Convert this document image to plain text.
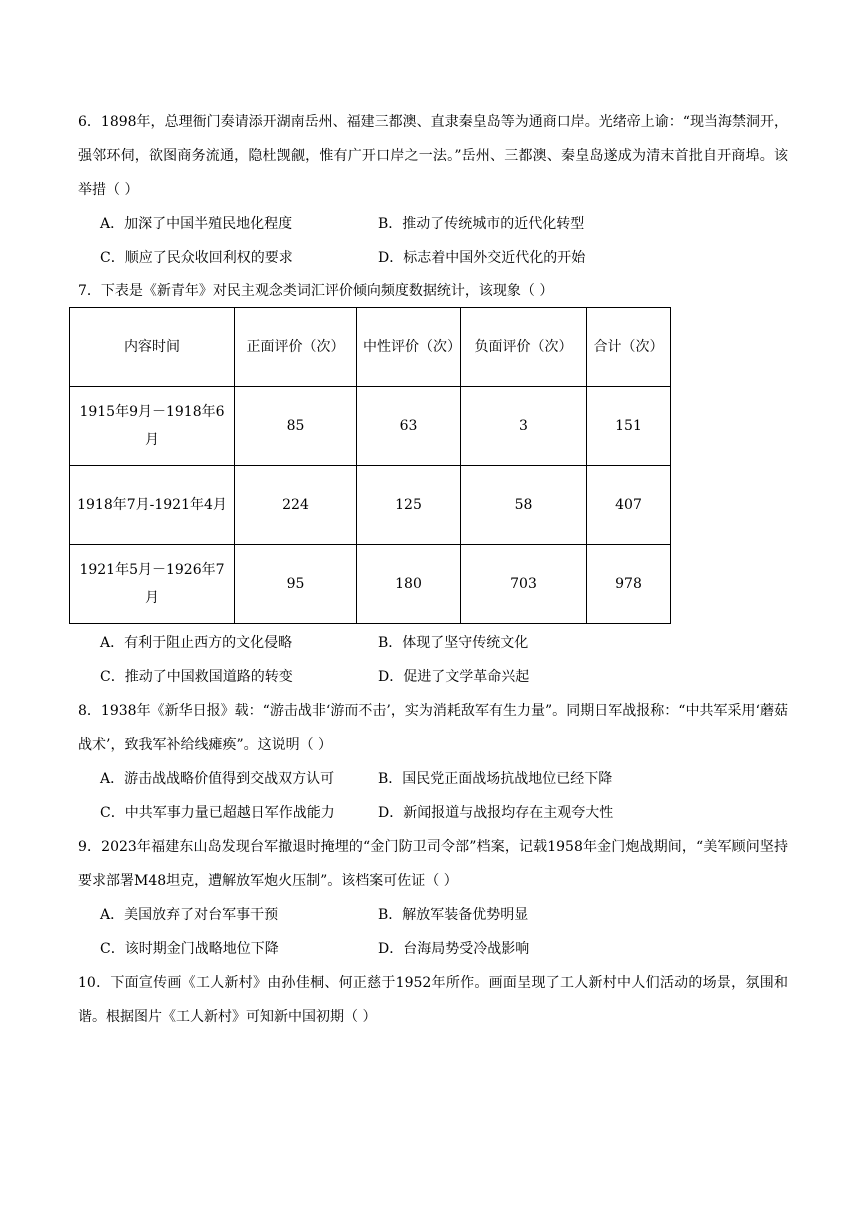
6．1898年，总理衙门奏请添开湖南岳州、福建三都澳、直隶秦皇岛等为通商口岸。光绪帝上谕：“现当海禁洞开，强邻环伺，欲图商务流通，隐杜觊觎，惟有广开口岸之一法。”岳州、三都澳、秦皇岛遂成为清末首批自开商埠。该举措（ ）

A．加深了中国半殖民地化程度	B．推动了传统城市的近代化转型
C．顺应了民众收回利权的要求	D．标志着中国外交近代化的开始

7．下表是《新青年》对民主观念类词汇评价倾向频度数据统计，该现象（ ）

内容时间	正面评价（次）	中性评价（次）	负面评价（次）	合计（次）
1915年9月－1918年6月	85	63	3	151
1918年7月-1921年4月	224	125	58	407
1921年5月－1926年7月	95	180	703	978
A．有利于阻止西方的文化侵略	B．体现了坚守传统文化
C．推动了中国救国道路的转变	D．促进了文学革命兴起

8．1938年《新华日报》载：“游击战非‘游而不击’，实为消耗敌军有生力量”。同期日军战报称：“中共军采用‘蘑菇战术’，致我军补给线瘫痪”。这说明（ ）

A．游击战战略价值得到交战双方认可	B．国民党正面战场抗战地位已经下降
C．中共军事力量已超越日军作战能力	D．新闻报道与战报均存在主观夸大性

9．2023年福建东山岛发现台军撤退时掩埋的“金门防卫司令部”档案，记载1958年金门炮战期间，“美军顾问坚持要求部署M48坦克，遭解放军炮火压制”。该档案可佐证（ ）

A．美国放弃了对台军事干预	B．解放军装备优势明显
C．该时期金门战略地位下降	D．台海局势受冷战影响

10．下面宣传画《工人新村》由孙佳桐、何正慈于1952年所作。画面呈现了工人新村中人们活动的场景，氛围和谐。根据图片《工人新村》可知新中国初期（ ）
